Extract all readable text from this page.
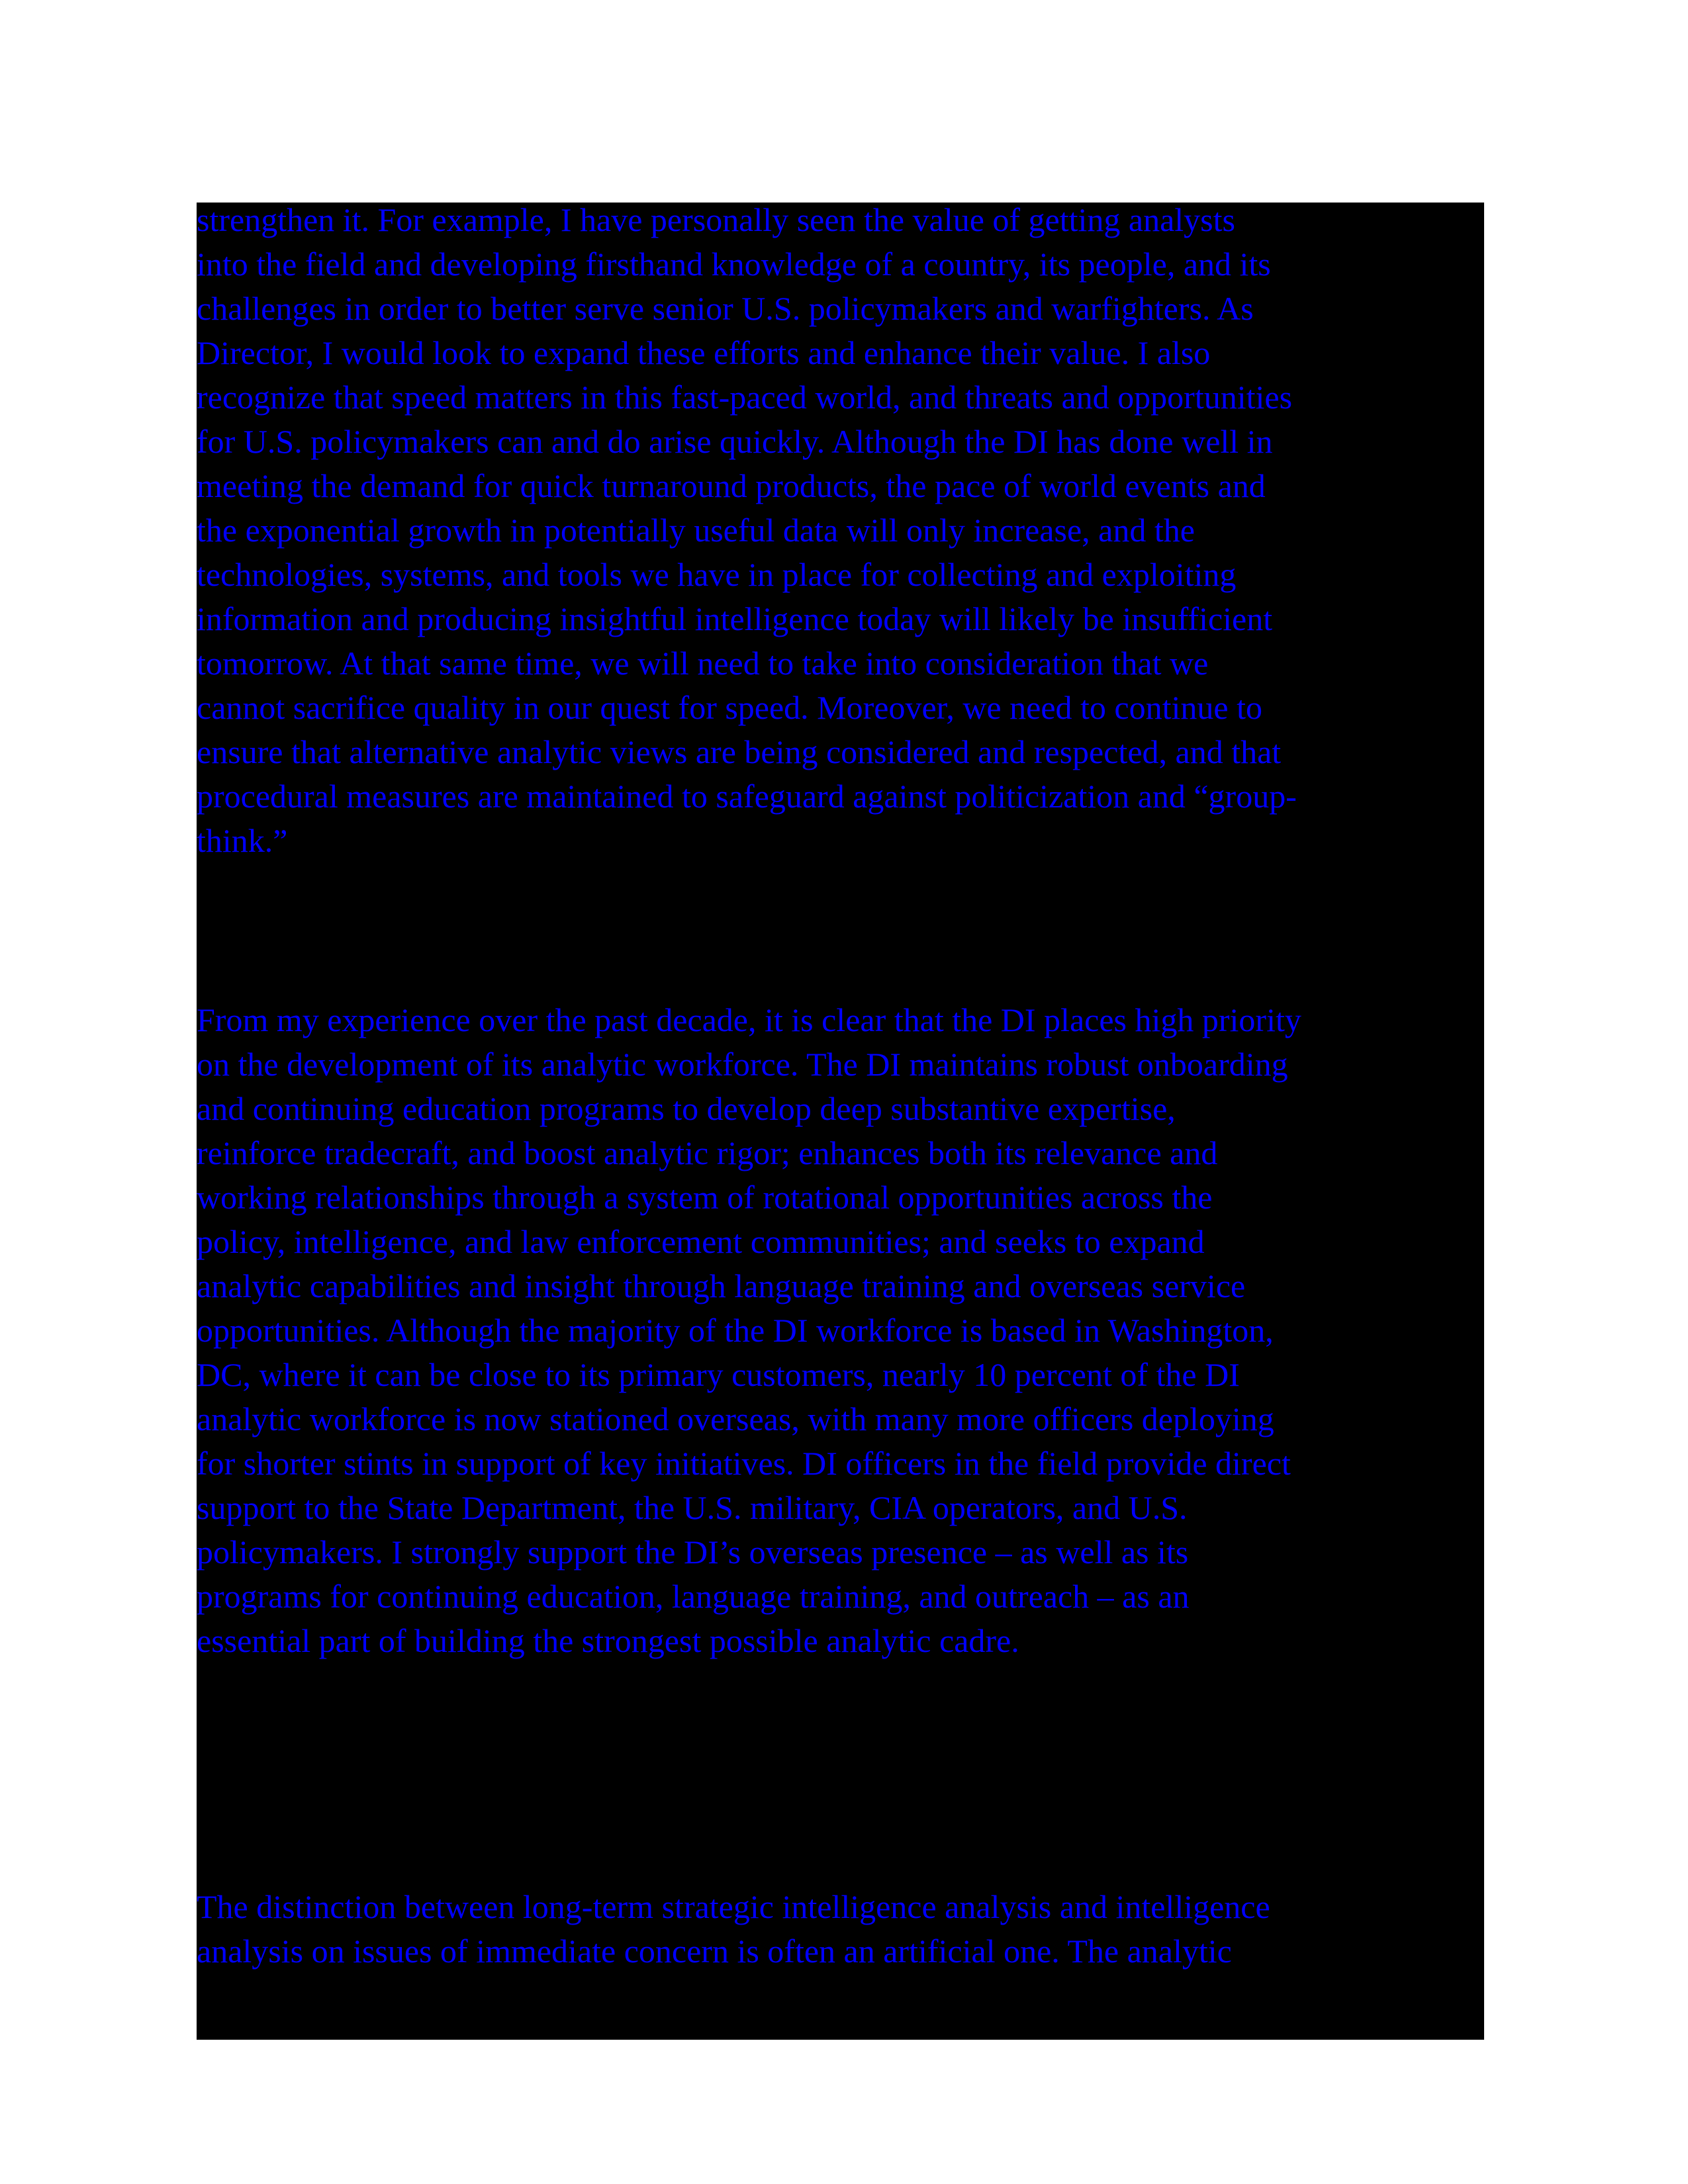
strengthen it. For example, I have personally seen the value of getting analysts
into the field and developing firsthand knowledge of a country, its people, and its
challenges in order to better serve senior U.S. policymakers and warfighters. As
Director, I would look to expand these efforts and enhance their value. I also
recognize that speed matters in this fast-paced world, and threats and opportunities
for U.S. policymakers can and do arise quickly. Although the DI has done well in
meeting the demand for quick turnaround products, the pace of world events and
the exponential growth in potentially useful data will only increase, and the
technologies, systems, and tools we have in place for collecting and exploiting
information and producing insightful intelligence today will likely be insufficient
tomorrow. At that same time, we will need to take into consideration that we
cannot sacrifice quality in our quest for speed. Moreover, we need to continue to
ensure that alternative analytic views are being considered and respected, and that
procedural measures are maintained to safeguard against politicization and “group-
think.”
From my experience over the past decade, it is clear that the DI places high priority
on the development of its analytic workforce. The DI maintains robust onboarding
and continuing education programs to develop deep substantive expertise,
reinforce tradecraft, and boost analytic rigor; enhances both its relevance and
working relationships through a system of rotational opportunities across the
policy, intelligence, and law enforcement communities; and seeks to expand
analytic capabilities and insight through language training and overseas service
opportunities. Although the majority of the DI workforce is based in Washington,
DC, where it can be close to its primary customers, nearly 10 percent of the DI
analytic workforce is now stationed overseas, with many more officers deploying
for shorter stints in support of key initiatives. DI officers in the field provide direct
support to the State Department, the U.S. military, CIA operators, and U.S.
policymakers. I strongly support the DI’s overseas presence – as well as its
programs for continuing education, language training, and outreach – as an
essential part of building the strongest possible analytic cadre.
The distinction between long-term strategic intelligence analysis and intelligence
analysis on issues of immediate concern is often an artificial one. The analytic
